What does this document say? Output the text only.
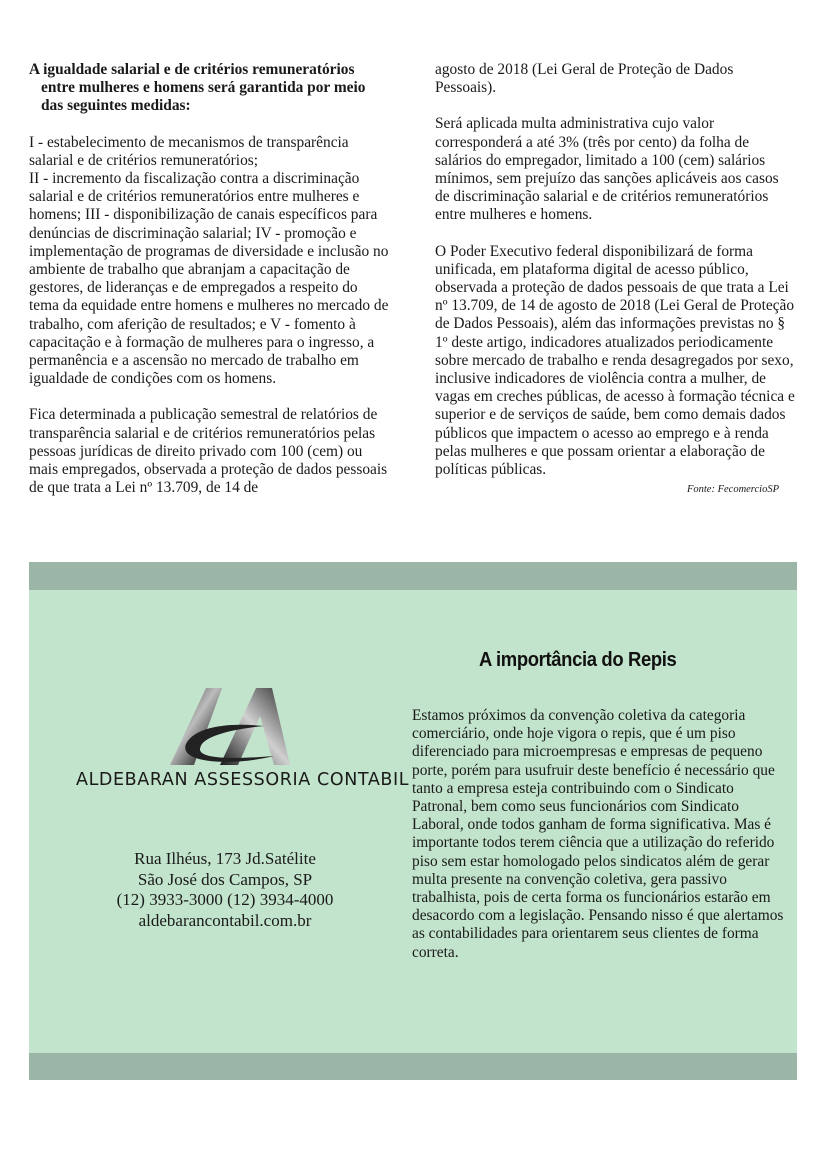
A igualdade salarial e de critérios remuneratórios
entre mulheres e homens será garantida por meio das seguintes medidas:

I - estabelecimento de mecanismos de transparência salarial e de critérios remuneratórios;

II - incremento da fiscalização contra a discriminação salarial e de critérios remuneratórios entre mulheres e homens; III - disponibilização de canais específicos para denúncias de discriminação salarial; IV - promoção e implementação de programas de diversidade e inclusão no ambiente de trabalho que abranjam a capacitação de gestores, de lideranças e de empregados a respeito do tema da equidade entre homens e mulheres no mercado de trabalho, com aferição de resultados; e V - fomento à capacitação e à formação de mulheres para o ingresso, a permanência e a ascensão no mercado de trabalho em igualdade de condições com os homens.

Fica determinada a publicação semestral de relatórios de transparência salarial e de critérios remuneratórios pelas pessoas jurídicas de direito privado com 100 (cem) ou mais empregados, observada a proteção de dados pessoais de que trata a Lei nº 13.709, de 14 de

agosto de 2018 (Lei Geral de Proteção de Dados Pessoais).

Será aplicada multa administrativa cujo valor corresponderá a até 3% (três por cento) da folha de salários do empregador, limitado a 100 (cem) salários mínimos, sem prejuízo das sanções aplicáveis aos casos de discriminação salarial e de critérios remuneratórios entre mulheres e homens.

O Poder Executivo federal disponibilizará de forma unificada, em plataforma digital de acesso público, observada a proteção de dados pessoais de que trata a Lei nº 13.709, de 14 de agosto de 2018 (Lei Geral de Proteção de Dados Pessoais), além das informações previstas no § 1º deste artigo, indicadores atualizados periodicamente sobre mercado de trabalho e renda desagregados por sexo, inclusive indicadores de violência contra a mulher, de vagas em creches públicas, de acesso à formação técnica e superior e de serviços de saúde, bem como demais dados públicos que impactem o acesso ao emprego e à renda pelas mulheres e que possam orientar a elaboração de políticas públicas.

Fonte: FecomercioSP

ALDEBARAN ASSESSORIA CONTABIL
Rua Ilhéus, 173 Jd.Satélite
São José dos Campos, SP
(12) 3933-3000 (12) 3934-4000
aldebarancontabil.com.br
A importância do Repis

Estamos próximos da convenção coletiva da categoria comerciário, onde hoje vigora o repis, que é um piso diferenciado para microempresas e empresas de pequeno porte, porém para usufruir deste benefício é necessário que tanto a empresa esteja contribuindo com o Sindicato Patronal, bem como seus funcionários com Sindicato Laboral, onde todos ganham de forma significativa. Mas é importante todos terem ciência que a utilização do referido piso sem estar homologado pelos sindicatos além de gerar multa presente na convenção coletiva, gera passivo trabalhista, pois de certa forma os funcionários estarão em desacordo com a legislação. Pensando nisso é que alertamos as contabilidades para orientarem seus clientes de forma correta.
